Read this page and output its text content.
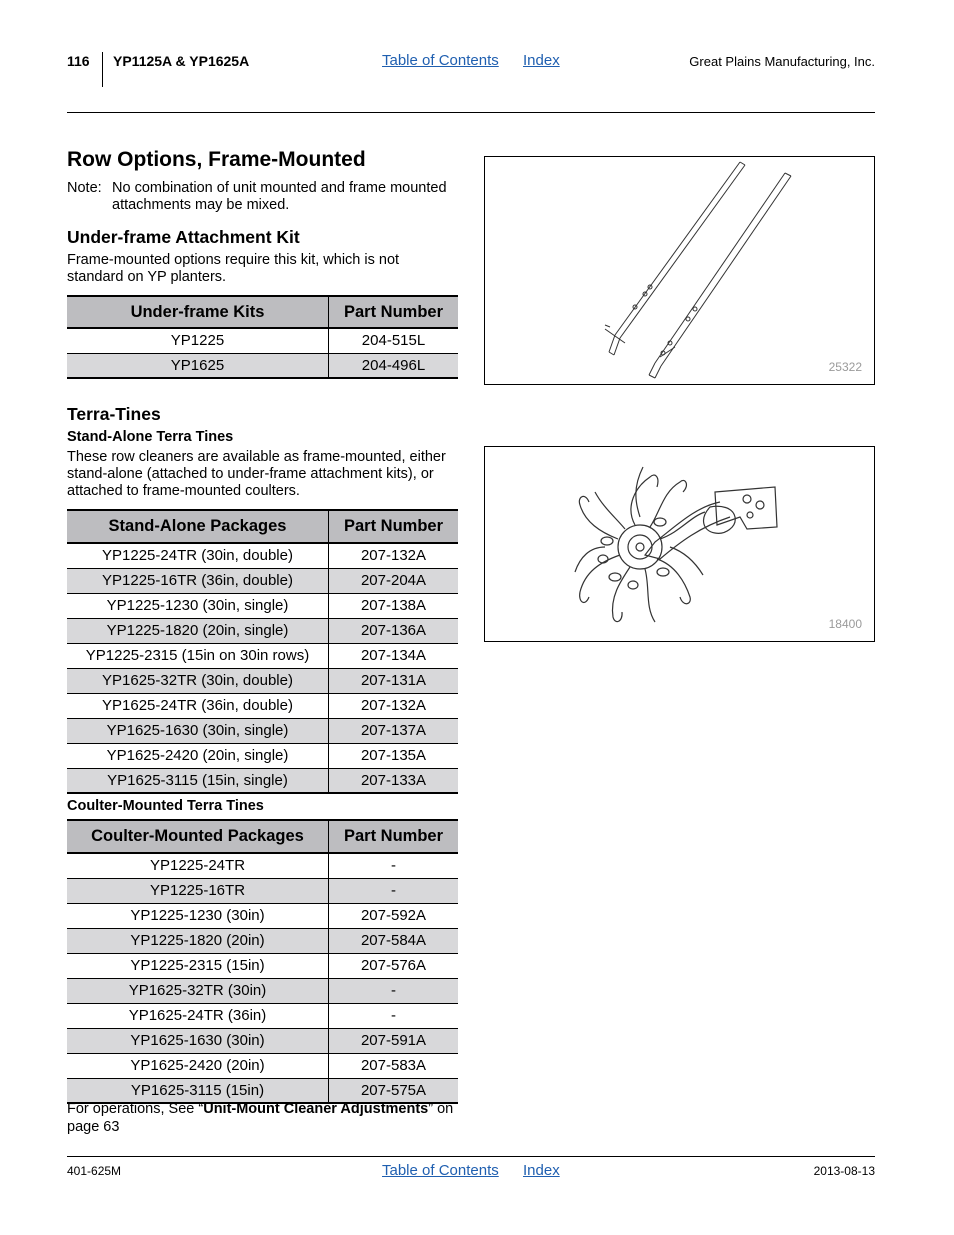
116 YP1125A & YP1625A	Table of Contents Index	Great Plains Manufacturing, Inc.
Row Options, Frame-Mounted
Note: No combination of unit mounted and frame mounted attachments may be mixed.
Under-frame Attachment Kit
Frame-mounted options require this kit, which is not standard on YP planters.
Under-frame Kits	Part Number
YP1225	204-515L
YP1625	204-496L
Terra-Tines
Stand-Alone Terra Tines
These row cleaners are available as frame-mounted, either stand-alone (attached to under-frame attachment kits), or attached to frame-mounted coulters.
Stand-Alone Packages	Part Number
YP1225-24TR (30in, double)	207-132A
YP1225-16TR (36in, double)	207-204A
YP1225-1230 (30in, single)	207-138A
YP1225-1820 (20in, single)	207-136A
YP1225-2315 (15in on 30in rows)	207-134A
YP1625-32TR (30in, double)	207-131A
YP1625-24TR (36in, double)	207-132A
YP1625-1630 (30in, single)	207-137A
YP1625-2420 (20in, single)	207-135A
YP1625-3115 (15in, single)	207-133A
Coulter-Mounted Terra Tines
Coulter-Mounted Packages	Part Number
YP1225-24TR	-
YP1225-16TR	-
YP1225-1230 (30in)	207-592A
YP1225-1820 (20in)	207-584A
YP1225-2315 (15in)	207-576A
YP1625-32TR (30in)	-
YP1625-24TR (36in)	-
YP1625-1630 (30in)	207-591A
YP1625-2420 (20in)	207-583A
YP1625-3115 (15in)	207-575A
For operations, See “Unit-Mount Cleaner Adjustments” on page 63
25322
18400
401-625M	Table of Contents Index	2013-08-13
